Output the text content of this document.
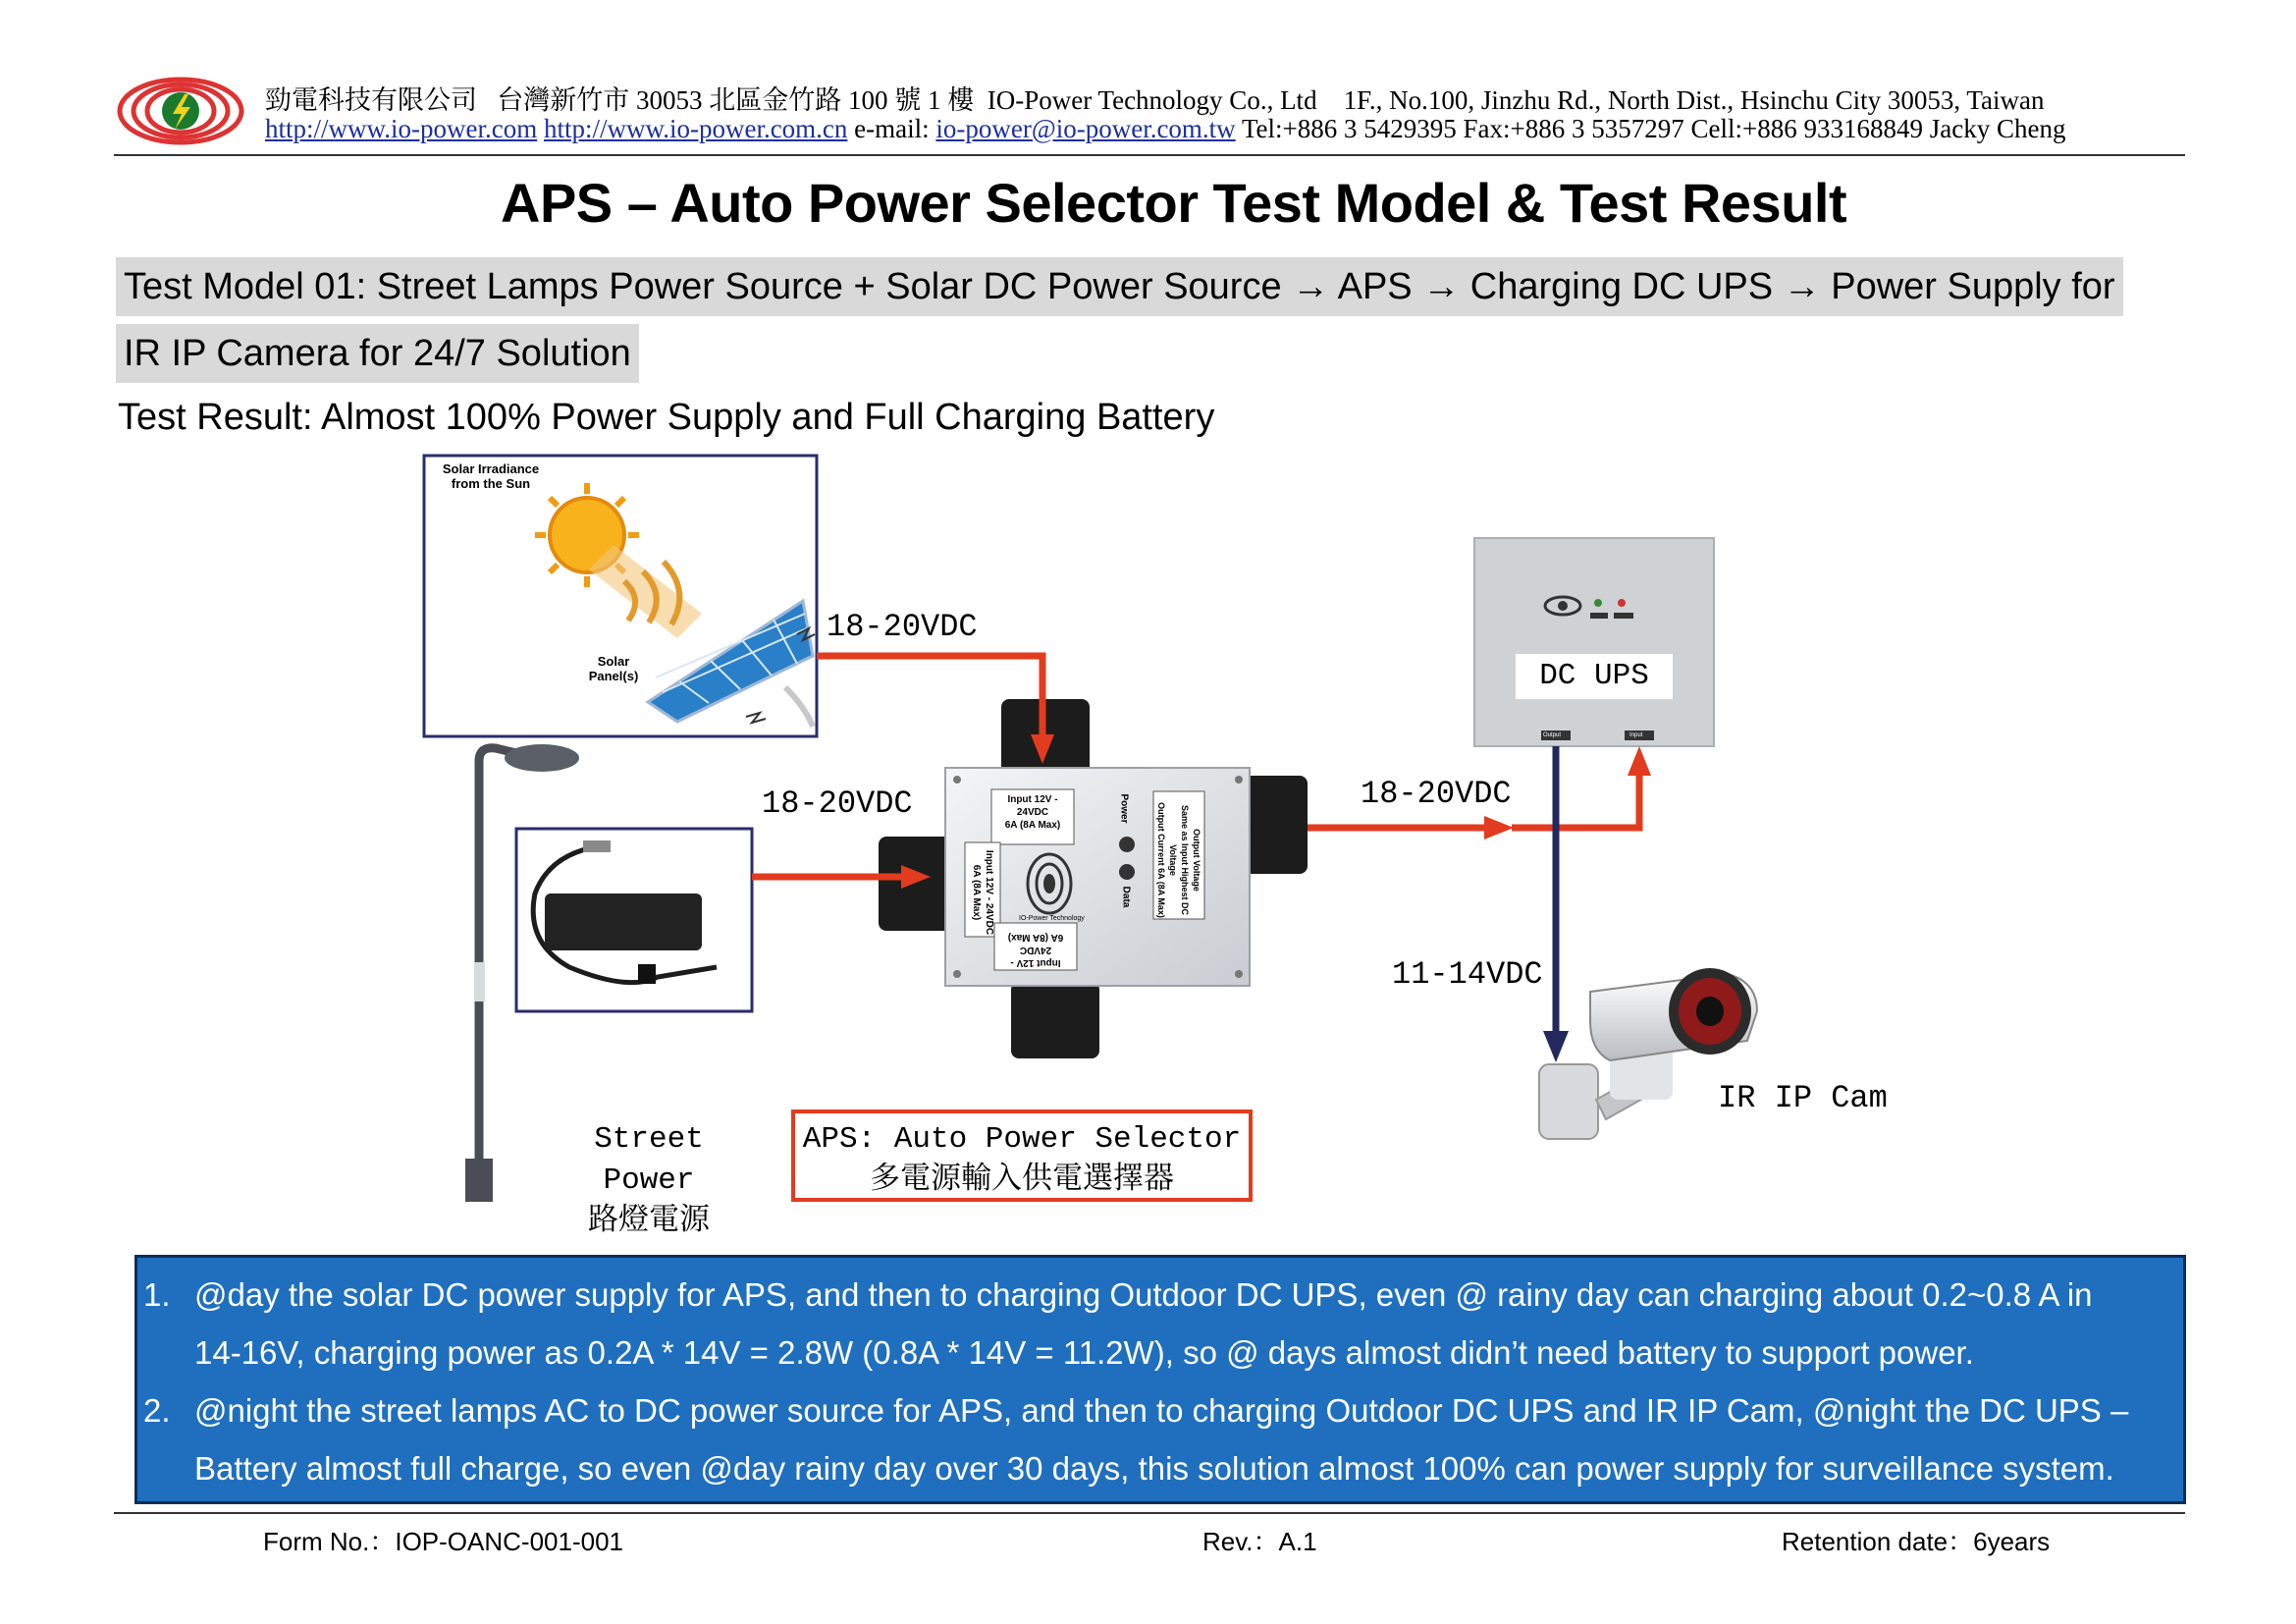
勁電科技有限公司 台灣新竹市 30053 北區金竹路 100 號 1 樓 IO-Power Technology Co., Ltd 1F., No.100, Jinzhu Rd., North Dist., Hsinchu City 30053, Taiwan
http://www.io-power.com http://www.io-power.com.cn e-mail: io-power@io-power.com.tw Tel:+886 3 5429395 Fax:+886 3 5357297 Cell:+886 933168849 Jacky Cheng
APS – Auto Power Selector Test Model & Test Result
Test Model 01: Street Lamps Power Source + Solar DC Power Source → APS → Charging DC UPS → Power Supply for
IR IP Camera for 24/7 Solution
Test Result: Almost 100% Power Supply and Full Charging Battery
Solar Irradiance
from the Sun
Solar
Panel(s)
18-20VDC
18-20VDC	18-20VDC
11-14VDC
Input 12V - 24VDC
6A (8A Max)
Input 12V - 24VDC
6A (8A Max)
Input 12V - 24VDC
6A (8A Max)
Output Voltage
Same as Input Highest DC Voltage
Output Current 6A (8A Max)
Power
Data
IO-Power Technology
DC UPS
Output	Input
IR IP Cam
Street Power
路燈電源
APS: Auto Power Selector
多電源輸入供電選擇器
1. @day the solar DC power supply for APS, and then to charging Outdoor DC UPS, even @ rainy day can charging about 0.2~0.8 A in
14-16V, charging power as 0.2A * 14V = 2.8W (0.8A * 14V = 11.2W), so @ days almost didn’t need battery to support power.
2. @night the street lamps AC to DC power source for APS, and then to charging Outdoor DC UPS and IR IP Cam, @night the DC UPS –
Battery almost full charge, so even @day rainy day over 30 days, this solution almost 100% can power supply for surveillance system.
Form No.：IOP-OANC-001-001	Rev.：A.1	Retention date：6years
